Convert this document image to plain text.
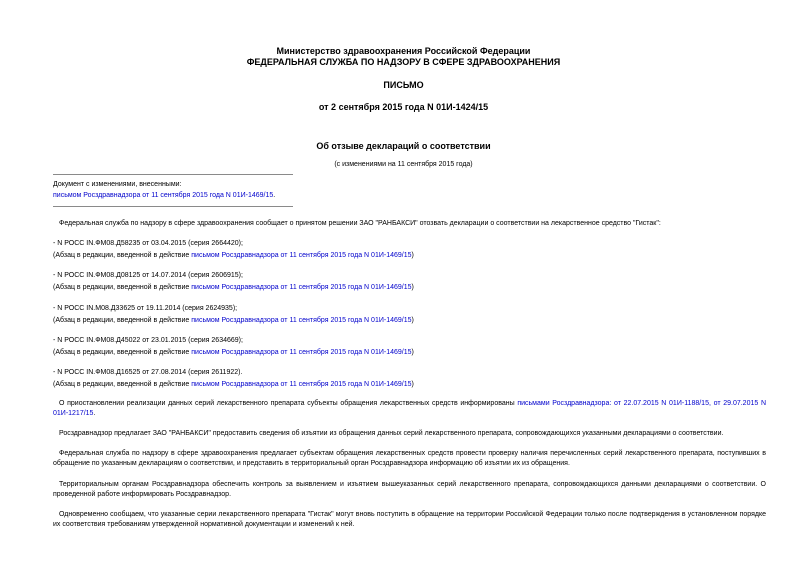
Министерство здравоохранения Российской Федерации

ФЕДЕРАЛЬНАЯ СЛУЖБА ПО НАДЗОРУ В СФЕРЕ ЗДРАВООХРАНЕНИЯ

ПИСЬМО

от 2 сентября 2015 года N 01И-1424/15

Об отзыве деклараций о соответствии

(с изменениями на 11 сентября 2015 года)

Документ с изменениями, внесенными:

письмом Росздравнадзора от 11 сентября 2015 года N 01И-1469/15.

Федеральная служба по надзору в сфере здравоохранения сообщает о принятом решении ЗАО "РАНБАКСИ" отозвать декларации о соответствии на лекарственное средство "Гистак":

- N РОСС IN.ФМ08.Д58235 от 03.04.2015 (серия 2664420);

(Абзац в редакции, введенной в действие письмом Росздравнадзора от 11 сентября 2015 года N 01И-1469/15)

- N РОСС IN.ФМ08.Д08125 от 14.07.2014 (серия 2606915);

(Абзац в редакции, введенной в действие письмом Росздравнадзора от 11 сентября 2015 года N 01И-1469/15)

- N РОСС IN.М08.Д33625 от 19.11.2014 (серия 2624935);

(Абзац в редакции, введенной в действие письмом Росздравнадзора от 11 сентября 2015 года N 01И-1469/15)

- N РОСС IN.ФМ08.Д45022 от 23.01.2015 (серия 2634669);

(Абзац в редакции, введенной в действие письмом Росздравнадзора от 11 сентября 2015 года N 01И-1469/15)

- N РОСС IN.ФМ08.Д16525 от 27.08.2014 (серия 2611922).

(Абзац в редакции, введенной в действие письмом Росздравнадзора от 11 сентября 2015 года N 01И-1469/15)

О приостановлении реализации данных серий лекарственного препарата субъекты обращения лекарственных средств информированы письмами Росздравнадзора: от 22.07.2015 N 01И-1188/15, от 29.07.2015 N 01И-1217/15.

Росздравнадзор предлагает ЗАО "РАНБАКСИ" предоставить сведения об изъятии из обращения данных серий лекарственного препарата, сопровождающихся указанными декларациями о соответствии.

Федеральная служба по надзору в сфере здравоохранения предлагает субъектам обращения лекарственных средств провести проверку наличия перечисленных серий лекарственного препарата, поступивших в обращение по указанным декларациям о соответствии, и представить в территориальный орган Росздравнадзора информацию об изъятии их из обращения.

Территориальным органам Росздравнадзора обеспечить контроль за выявлением и изъятием вышеуказанных серий лекарственного препарата, сопровождающихся данными декларациями о соответствии. О проведенной работе информировать Росздравнадзор.

Одновременно сообщаем, что указанные серии лекарственного препарата "Гистак" могут вновь поступить в обращение на территории Российской Федерации только после подтверждения в установленном порядке их соответствия требованиям утвержденной нормативной документации и изменений к ней.
